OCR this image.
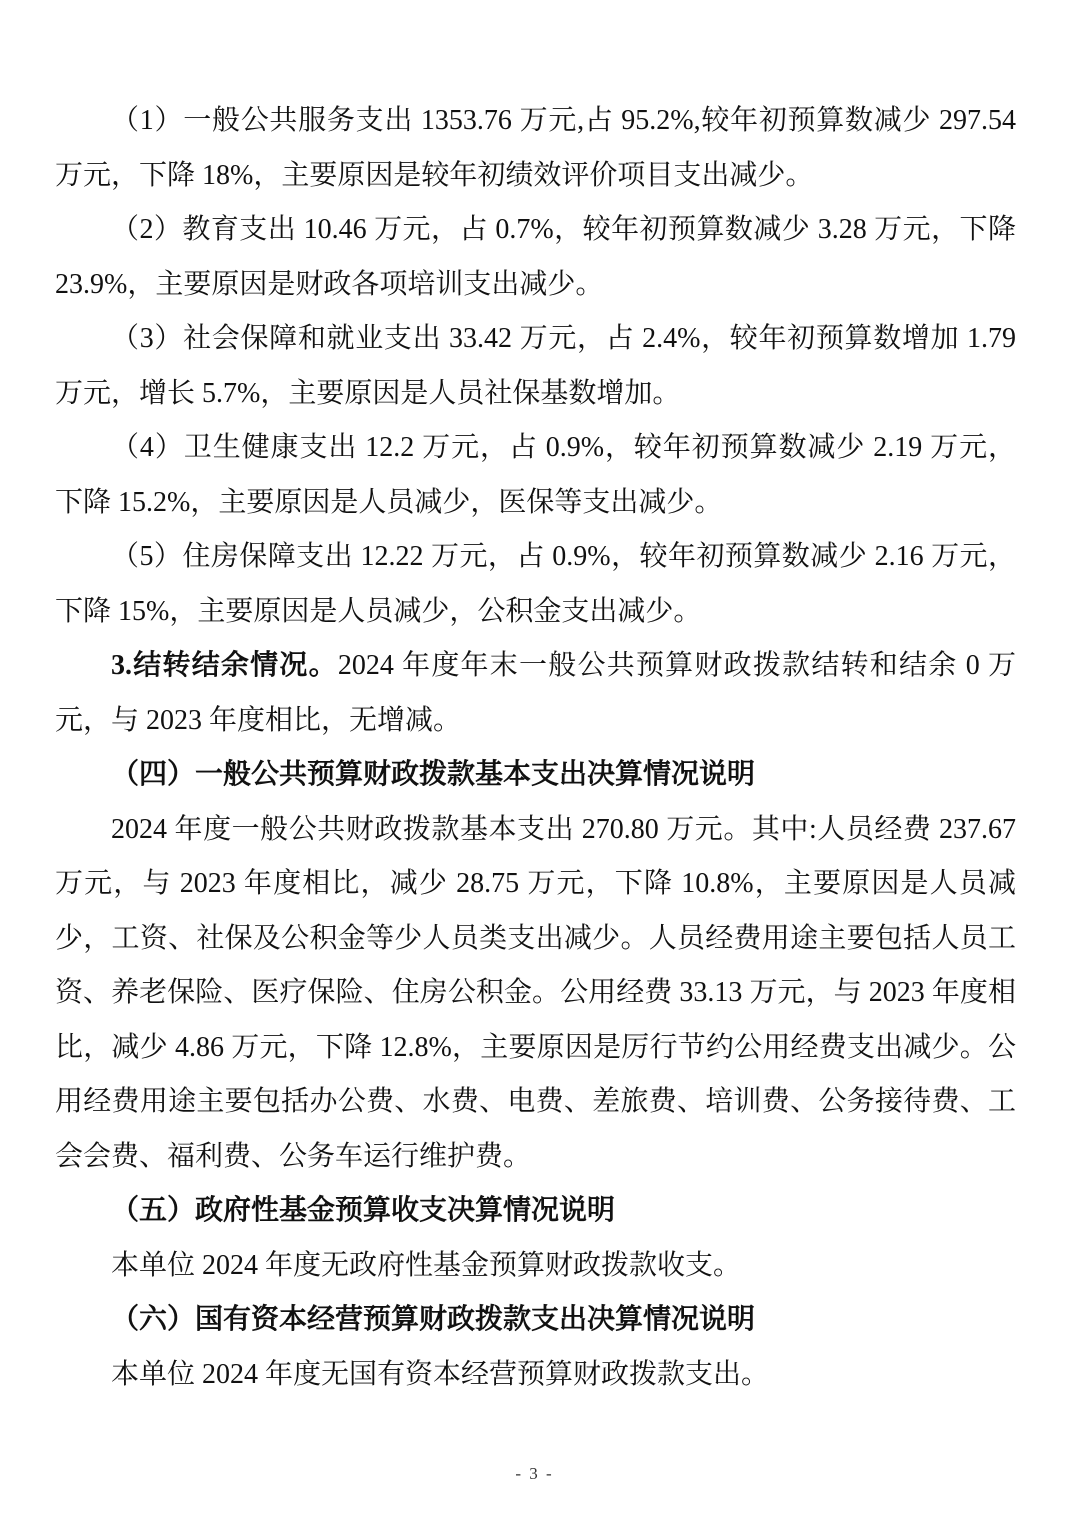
（1）一般公共服务支出 1353.76 万元,占 95.2%,较年初预算数减少 297.54 万元，下降 18%，主要原因是较年初绩效评价项目支出减少。

（2）教育支出 10.46 万元，占 0.7%，较年初预算数减少 3.28 万元，下降 23.9%，主要原因是财政各项培训支出减少。

（3）社会保障和就业支出 33.42 万元，占 2.4%，较年初预算数增加 1.79 万元，增长 5.7%，主要原因是人员社保基数增加。

（4）卫生健康支出 12.2 万元，占 0.9%，较年初预算数减少 2.19 万元，下降 15.2%，主要原因是人员减少，医保等支出减少。

（5）住房保障支出 12.22 万元，占 0.9%，较年初预算数减少 2.16 万元，下降 15%，主要原因是人员减少，公积金支出减少。

3.结转结余情况。2024 年度年末一般公共预算财政拨款结转和结余 0 万元，与 2023 年度相比，无增减。

（四）一般公共预算财政拨款基本支出决算情况说明

2024 年度一般公共财政拨款基本支出 270.80 万元。其中:人员经费 237.67 万元，与 2023 年度相比，减少 28.75 万元，下降 10.8%，主要原因是人员减少，工资、社保及公积金等少人员类支出减少。人员经费用途主要包括人员工资、养老保险、医疗保险、住房公积金。公用经费 33.13 万元，与 2023 年度相比，减少 4.86 万元，下降 12.8%，主要原因是厉行节约公用经费支出减少。公用经费用途主要包括办公费、水费、电费、差旅费、培训费、公务接待费、工会会费、福利费、公务车运行维护费。

（五）政府性基金预算收支决算情况说明

本单位 2024 年度无政府性基金预算财政拨款收支。

（六）国有资本经营预算财政拨款支出决算情况说明

本单位 2024 年度无国有资本经营预算财政拨款支出。

- 3 -
